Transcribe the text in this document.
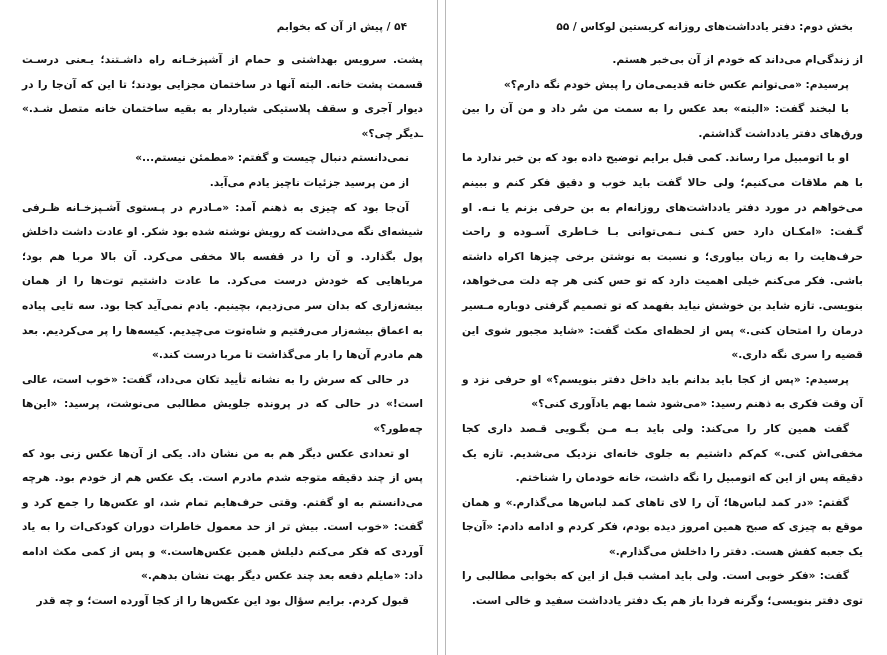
۵۴ / پیش از آن که بخوابم

پشت. سرویس بهداشتی و حمام از آشپزخـانه راه داشـتند؛ یـعنی درسـت قسمت پشت خانه. البته آنها در ساختمان مجزایی بودند؛ تا این که آن‌جا را در دیوار آجری و سقف پلاستیکی شیاردار به بقیه‌ ساختمان خانه متصل شـد.» ـدیگر چی؟»

نمی‌دانستم دنبال چیست و گفتم: «مطمئن نیستم...»

از من پرسید جزئیات ناچیز یادم می‌آید.

آن‌جا بود که چیزی به ذهنم آمد: «مـادرم در پـستوی آشـپزخـانه ظـرفی شیشه‌ای نگه می‌داشت که رویش نوشته شده بود شکر. او عادت داشت داخلش پول بگذارد. و آن را در قفسه بالا مخفی می‌کرد. آن بالا مربا هم بود؛ مرباهایی که خودش درست می‌کرد. ما عادت داشتیم توت‌ها را از همان بیشه‌زاری که بدان سر می‌زدیم، بچینیم. یادم نمی‌آید کجا بود. سه تایی پیاده به اعماق بیشه‌زار می‌رفتیم و شاه‌توت می‌چیدیم. کیسه‌ها را پر می‌کردیم. بعد هم مادرم آن‌ها را بار می‌گذاشت تا مربا درست کند.»

در حالی که سرش را به نشانه تأیید تکان می‌داد، گفت: «خوب است، عالی است!» در حالی که در پرونده جلویش مطالبی می‌نوشت، پرسید: «این‌ها چه‌طور؟»

او تعدادی عکس دیگر هم به من نشان داد. یکی از آن‌ها عکس زنی بود که پس از چند دقیقه متوجه شدم مادرم است. یک عکس هم از خودم بود. هرچه می‌دانستم به او گفتم. وقتی حرف‌هایم تمام شد، او عکس‌ها را جمع کرد و گفت: «خوب است. بیش تر از حد معمول خاطرات دوران کودکی‌ات را به یاد آوردی که فکر می‌کنم دلیلش همین عکس‌هاست.» و پس از کمی مکث ادامه داد: «مایلم دفعه بعد چند عکس دیگر بهت نشان بدهم.»

قبول کردم. برایم سؤال بود این عکس‌ها را از کجا آورده است؛ و چه قدر

بخش دوم: دفتر یادداشت‌های روزانه کریستین لوکاس / ۵۵

از زندگی‌ام می‌داند که خودم از آن بی‌خبر هستم.

پرسیدم: «می‌توانم عکس خانه قدیمی‌مان را پیش خودم نگه دارم؟»

با لبخند گفت: «البته» بعد عکس را به سمت من سُر داد و من آن را بین ورق‌های دفتر یادداشت گذاشتم.

او با اتومبیل مرا رساند. کمی قبل برایم توضیح داده بود که بن خبر ندارد ما با هم ملاقات می‌کنیم؛ ولی حالا گفت باید خوب و دقیق فکر کنم و ببینم می‌خواهم در مورد دفتر یادداشت‌های روزانه‌ام به بن حرفی بزنم یا نـه. او گـفت: «امکـان دارد حس کـنی نـمی‌توانی بـا خـاطری آسـوده و راحت حرف‌هایت را به زبان بیاوری؛ و نسبت به نوشتن برخی چیزها اکراه داشته باشی. فکر می‌کنم خیلی اهمیت دارد که تو حس کنی هر چه دلت می‌خواهد، بنویسی. تازه شاید بن خوشش نیاید بفهمد که تو تصمیم گرفتی دوباره مـسیر درمان را امتحان کنی.» پس از لحظه‌ای مکث گفت: «شاید مجبور شوی این قضیه را سری نگه داری.»

پرسیدم: «پس از کجا باید بدانم باید داخل دفتر بنویسم؟» او حرفی نزد و آن وقت فکری به ذهنم رسید: «می‌شود شما بهم یادآوری کنی؟»

گفت همین کار را می‌کند: ولی باید بـه مـن بگـویی قـصد داری کجا مخفی‌اش کنی.» کم‌کم داشتیم به جلوی خانه‌ای نزدیک می‌شدیم. تازه یک دقیقه پس از این که اتومبیل را نگه داشت، خانه خودمان را شناختم.

گفتم: «در کمد لباس‌ها؛ آن را لای تاهای کمد لباس‌ها می‌گذارم.» و همان موقع به چیزی که صبح همین امروز دیده بودم، فکر کردم و ادامه دادم: «آن‌جا یک جعبه کفش هست. دفتر را داخلش می‌گذارم.»

گفت: «فکر خوبی است. ولی باید امشب قبل از این که بخوابی مطالبی را توی دفتر بنویسی؛ وگرنه فردا باز هم یک دفتر یادداشت سفید و خالی است.
